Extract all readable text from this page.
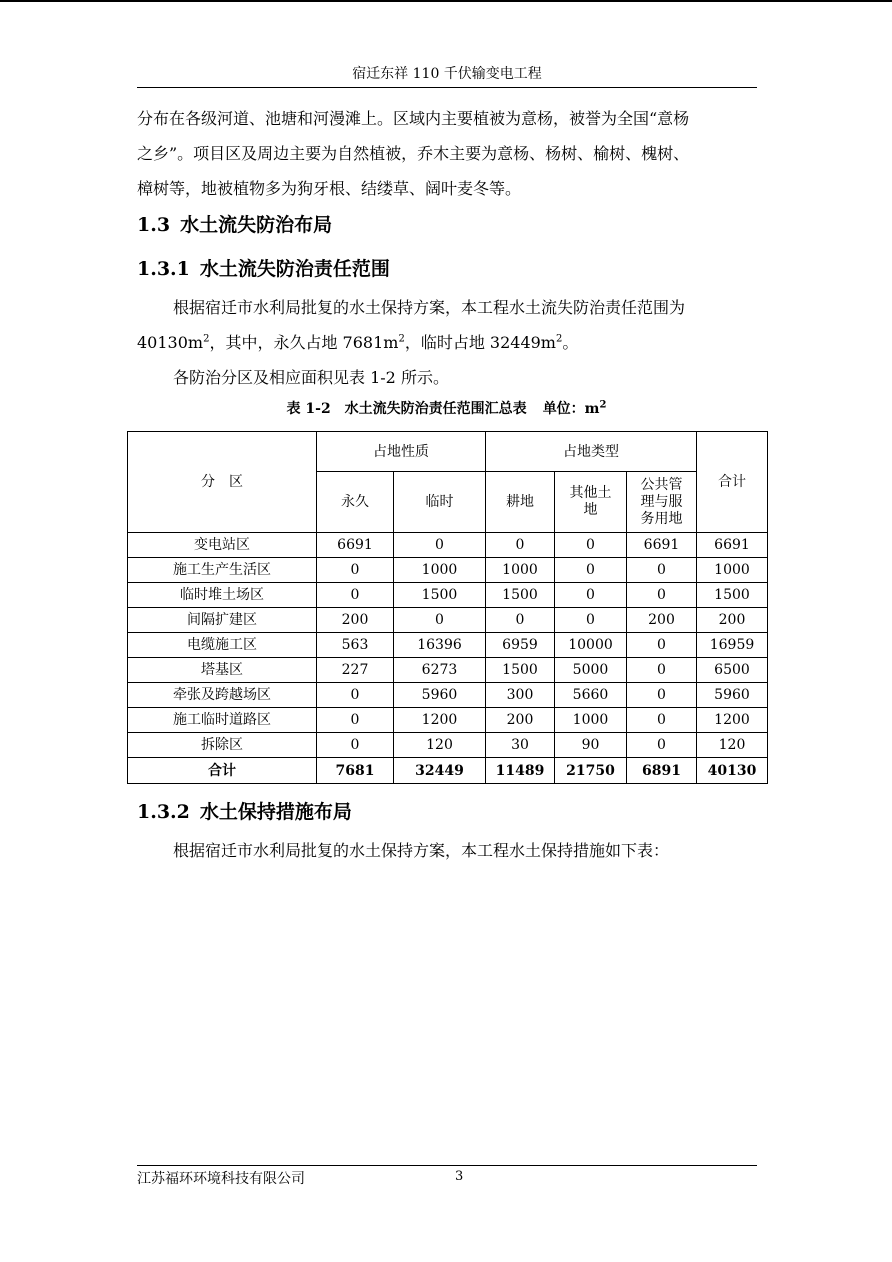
宿迁东祥 110 千伏输变电工程
分布在各级河道、池塘和河漫滩上。区域内主要植被为意杨，被誉为全国“意杨
之乡”。项目区及周边主要为自然植被，乔木主要为意杨、杨树、榆树、槐树、
樟树等，地被植物多为狗牙根、结缕草、阔叶麦冬等。
1.3 水土流失防治布局
1.3.1 水土流失防治责任范围
根据宿迁市水利局批复的水土保持方案，本工程水土流失防治责任范围为
$40130m^2$，其中，永久占地 $7681m^2$，临时占地 $32449m^2$。
各防治分区及相应面积见表 1-2 所示。
表 1-2　水土流失防治责任范围汇总表 单位：$m^2$
分　区	占地性质		占地类型			合计
	永久	临时	耕地	其他土地	公共管理与服务用地	
变电站区	6691	0	0	0	6691	6691
施工生产生活区	0	1000	1000	0	0	1000
临时堆土场区	0	1500	1500	0	0	1500
间隔扩建区	200	0	0	0	200	200
电缆施工区	563	16396	6959	10000	0	16959
塔基区	227	6273	1500	5000	0	6500
牵张及跨越场区	0	5960	300	5660	0	5960
施工临时道路区	0	1200	200	1000	0	1200
拆除区	0	120	30	90	0	120
合计	7681	32449	11489	21750	6891	40130
1.3.2 水土保持措施布局
根据宿迁市水利局批复的水土保持方案，本工程水土保持措施如下表：
江苏福环环境科技有限公司	3
